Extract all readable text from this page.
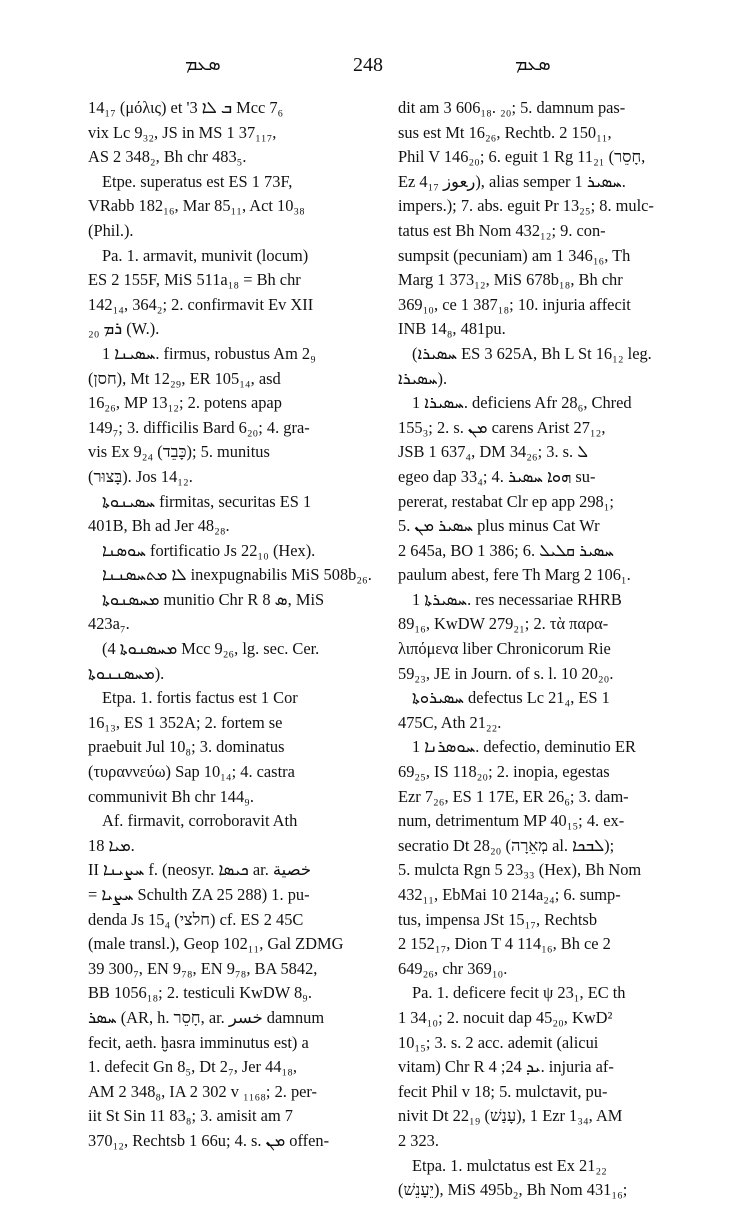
ܣܥܡ	248	ܣܥܡ
14₁₇ (μόλις) et 'ܒ ܠܐ 3 Mcc 7₆
vix Lc 9₃₂, JS in MS 1 37₁₁₇,
AS 2 348₂, Bh chr 483₅.
Etpe. superatus est ES 1 73F,
VRabb 182₁₆, Mar 85₁₁, Act 10₃₈
(Phil.).
Pa. 1. armavit, munivit (locum)
ES 2 155F, MiS 511a₁₈ = Bh chr
142₁₄, 364₂; 2. confirmavit Ev XII
ܪܡ ₂₀ (W.).
ܚܣܝܢܐ 1. firmus, robustus Am 2₉
(חסן), Mt 12₂₉, ER 105₁₄, asd
16₂₆, MP 13₁₂; 2. potens apap
149₇; 3. difficilis Bard 6₂₀; 4. gra-
vis Ex 9₂₄ (כָּבֵד); 5. munitus
(בָּצוּר). Jos 14₁₂.
ܚܣܝܢܘܬܐ firmitas, securitas ES 1
401B, Bh ad Jer 48₂₈.
ܚܘܣܢܐ fortificatio Js 22₁₀ (Hex).
ܠܐ ܡܬܚܣܢܢܐ inexpugnabilis MiS 508b₂₆.
ܡܚܣܢܘܬܐ munitio Chr R ܣ 8, MiS
423a₇.
(ܡܚܣܢܘܬܐ 4 Mcc 9₂₆, lg. sec. Cer.
ܡܚܣܢܢܘܬܐ).
Etpa. 1. fortis factus est 1 Cor
16₁₃, ES 1 352A; 2. fortem se
praebuit Jul 10₈; 3. dominatus
(τυραννεύω) Sap 10₁₄; 4. castra
communivit Bh chr 144₉.
Af. firmavit, corroboravit Ath
ܡܝܐ 18.
II ܚܨܝܢܐ f. (neosyr. ܟܝܣܐ ar. ﺧﺼﻴﺔ
= ܚܨܝܐ Schulth ZA 25 288) 1. pu-
denda Js 15₄ (חלצי) cf. ES 2 45C
(male transl.), Geop 102₁₁, Gal ZDMG
39 300₇, EN 9₇₈, EN 9₇₈, BA 5842,
BB 1056₁₈; 2. testiculi KwDW 8₉.
ܚܣܪ (AR, h. חָסֵר, ar. ﺧﺴﺮ damnum
fecit, aeth. ḫasra imminutus est) a
1. defecit Gn 8₅, Dt 2₇, Jer 44₁₈,
AM 2 348₈, IA 2 302 v ₁₁₆₈; 2. per-
iit St Sin 11 83₈; 3. amisit am 7
370₁₂, Rechtsb 1 66u; 4. s. ܡܢ offen-
dit am 3 606₁₈. ₂₀; 5. damnum pas-
sus est Mt 16₂₆, Rechtb. 2 150₁₁,
Phil V 146₂₀; 6. eguit 1 Rg 11₂₁ (חָסֵר,
Ez 4₁₇ ﺭﻌﻮﺯ), alias semper ܚܣܝܪ 1.
impers.); 7. abs. eguit Pr 13₂₅; 8. mulc-
tatus est Bh Nom 432₁₂; 9. con-
sumpsit (pecuniam) am 1 346₁₆, Th
Marg 1 373₁₂, MiS 678b₁₈, Bh chr
369₁₀, ce 1 387₁₈; 10. injuria affecit
INB 14₈, 481pu.
(ܚܣܝܪܐ ES 3 625A, Bh L St 16₁₂ leg.
ܚܣܝܪܐ).
ܚܣܝܪܐ 1. deficiens Afr 28₆, Chred
155₃; 2. s. ܡܢ carens Arist 27₁₂,
JSB 1 637₄, DM 34₂₆; 3. s. ܠ
egeo dap 33₄; 4. ܗܘܐ ܚܣܝܪ su-
pererat, restabat Clr ep app 298₁;
5. ܚܣܝܪ ܡܢ plus minus Cat Wr
2 645a, BO 1 386; 6. ܚܣܝܪ ܩܠܝܠ
paulum abest, fere Th Marg 2 106₁.
ܚܣܝܪܬܐ 1. res necessariae RHRB
89₁₆, KwDW 279₂₁; 2. τὰ παρα-
λιπόμενα liber Chronicorum Rie
59₂₃, JE in Journ. of s. l. 10 20₂₀.
ܚܣܝܪܘܬܐ defectus Lc 21₄, ES 1
475C, Ath 21₂₂.
ܚܘܣܪܢܐ 1. defectio, deminutio ER
69₂₅, IS 118₂₀; 2. inopia, egestas
Ezr 7₂₆, ES 1 17E, ER 26₆; 3. dam-
num, detrimentum MP 40₁₅; 4. ex-
secratio Dt 28₂₀ (מְאֵרָה al. ܠܒܟܐ);
5. mulcta Rgn 5 23₃₃ (Hex), Bh Nom
432₁₁, EbMai 10 214a₂₄; 6. sump-
tus, impensa JSt 15₁₇, Rechtsb
2 152₁₇, Dion T 4 114₁₆, Bh ce 2
649₂₆, chr 369₁₀.
Pa. 1. deficere fecit ψ 23₁, EC th
1 34₁₀; 2. nocuit dap 45₂₀, KwD²
10₁₅; 3. s. 2 acc. ademit (alicui
vitam) Chr R ܝܕ 24; 4. injuria af-
fecit Phil v 18; 5. mulctavit, pu-
nivit Dt 22₁₉ (עָנַשׁ), 1 Ezr 1₃₄, AM
2 323.
Etpa. 1. mulctatus est Ex 21₂₂
(יֵעָנֵשׁ), MiS 495b₂, Bh Nom 431₁₆;
